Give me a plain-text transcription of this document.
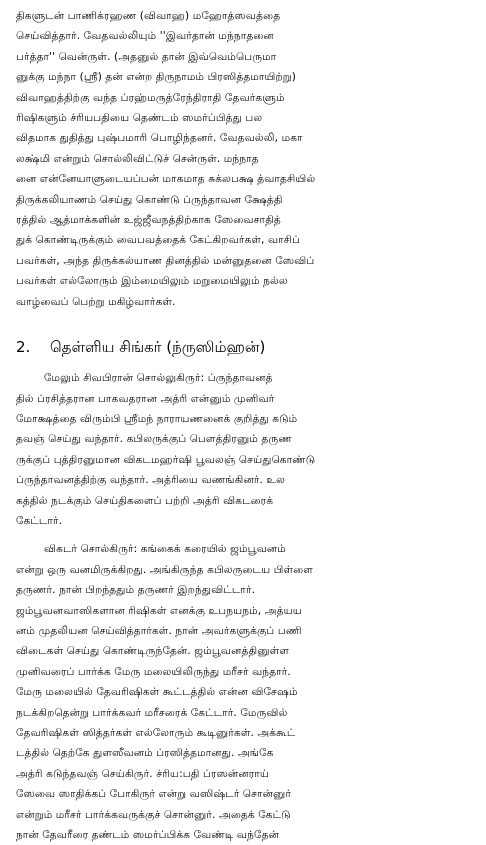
திகளுடன் பாணிக்ரஹண (விவாஹ) மஹோத்ஸவத்தை

செய்வித்தார். வேதவல்லியும் ''இவர்தான் மந்நாதனை

பர்த்தா'' வென்ருள். (அதனுல் தான் இவ்வெம்பெருமா

னுக்கு மந்நா (ஶ்ரீ) தன் என்ற திருநாமம் பிரஸித்தமாயிற்று)

விவாஹத்திற்கு வந்த ப்ரஹ்மருத்ரேந்திராதி தேவர்களும்

ரிஷிகளும் ச்ரியபதியை தெண்டம் ஸமர்ப்பித்து பல

விதமாக துதித்து புஷ்பமாரி பொழிந்தனர். வேதவல்லி, மகா

லக்ஷ்மி என்றும் சொல்லிவிட்டுச் சென்ருள். மந்நாத

னை என்னேயாளுடையப்பன் மாகமாத சுக்லபக்ஷ த்வாதசியில்

திருக்கலியாணம் செய்து கொண்டு ப்ருந்தாவன க்ஷேத்தி

ரத்தில் ஆத்மாக்களின் உஜ்ஜீவநத்திற்காக ஸேவைசாதித்

துக் கொண்டிருக்கும் வைபவத்தைக் கேட்கிறவர்கள், வாசிப்

பவர்கள், அந்த திருக்கல்யாண தினத்தில் மன்னுதனை ஸேவிப்

பவர்கள் எல்லோரும் இம்மையிலும் மறுமையிலும் நல்ல

வாழ்வைப் பெற்று மகிழ்வார்கள்.

2.	தெள்ளிய சிங்கர் (ந்ருஸிம்ஹன்)

மேலும் சிவபிரான் சொல்லுகிருர்: ப்ருந்தாவனத்

தில் ப்ரசித்தரான பாகவதரான அத்ரி என்னும் முனிவர்

மோக்ஷத்தை விரும்பி ஸ்ரீமந் நாராயணனைக் குறித்து கடும்

தவஞ் செய்து வந்தார். கபிலருக்குப் பௌத்திரனும் தருண

ருக்குப் புத்திரனுமான விகடமஹர்ஷி பூவலஞ் செய்துகொண்டு

ப்ருந்தாவனத்திற்கு வந்தார். அத்ரியை வணங்கினர். உல

கத்தில் நடக்கும் செய்திகளைப் பற்றி அத்ரி விகடரைக்

கேட்டார்.

விகடர் சொல்கிருர்: கங்கைக் கரையில் ஜம்பூவனம்

என்று ஒரு வனமிருக்கிறது. அங்கிருந்த கபிலருடைய பிள்ளை

தருணர். நான் பிறந்ததும் தருணர் இறந்துவிட்டார்.

ஜம்பூவனவாஸிகளான ரிஷிகள் எனக்கு உபநயநம், அத்யய

னம் முதலியன செய்வித்தார்கள். நான் அவர்களுக்குப் பணி

விடைகள் செய்து கொண்டிருந்தேன். ஜம்பூவனத்தினுள்ள

முனிவரைப் பார்க்க மேரு மலையிலிருந்து மரீசர் வந்தார்.

மேரு மலையில் தேவரிஷிகள் கூட்டத்தில் என்ன விசேஷம்

நடக்கிறதென்று பார்க்கவர் மரீசரைக் கேட்டார். மேருவில்

தேவரிஷிகள் ஸித்தர்கள் எல்லோரும் கூடினுர்கள். அக்கூட்

டத்தில் தெற்கே துளஸீவனம் ப்ரஸித்தமானது. அங்கே

அத்ரி கடுந்தவஞ் செய்கிருர். ச்ரிய:பதி ப்ரஸன்னராய்

ஸேவை ஸாதிக்கப் போகிருர் என்று வஸிஷ்டர் சொன்னுர்

என்றும் மரீசர் பார்க்கவருக்குச் சொன்னுர். அதைக் கேட்டு

நான் தேவரீரை தண்டம் ஸமர்ப்பிக்க வேண்டி வந்தேன்
